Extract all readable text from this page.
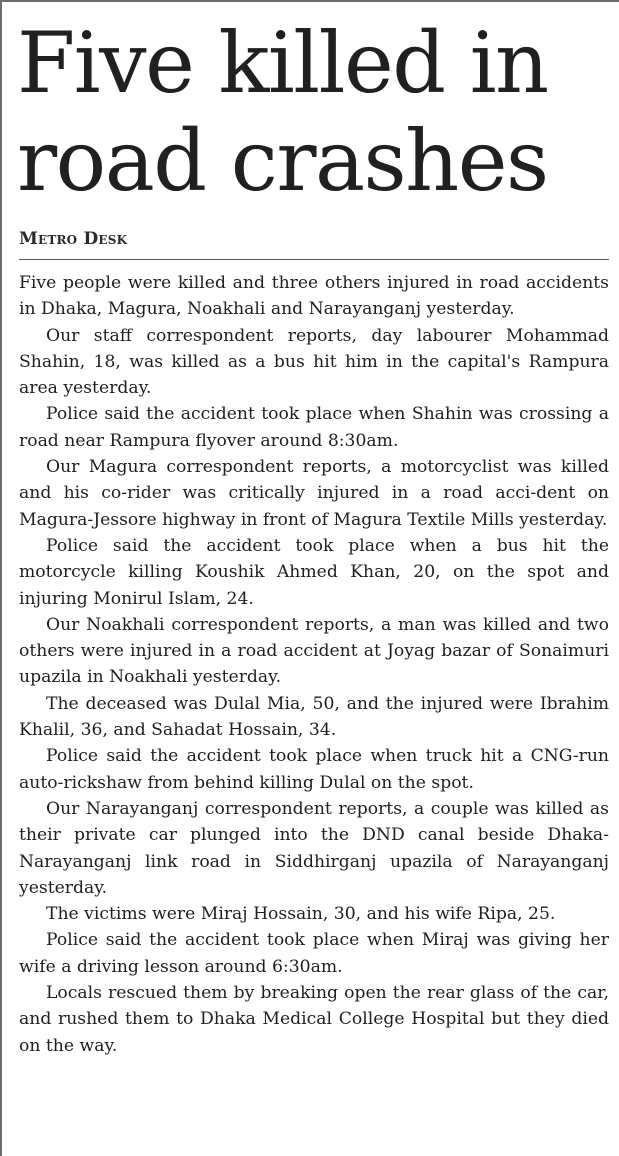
Five killed in
road crashes
Metro Desk

Five people were killed and three others injured in road accidents in Dhaka, Magura, Noakhali and Narayanganj yesterday.

Our staff correspondent reports, day labourer Mohammad Shahin, 18, was killed as a bus hit him in the capital's Rampura area yesterday.

Police said the accident took place when Shahin was crossing a road near Rampura flyover around 8:30am.

Our Magura correspondent reports, a motorcyclist was killed and his co-rider was critically injured in a road acci-dent on Magura-Jessore highway in front of Magura Textile Mills yesterday.

Police said the accident took place when a bus hit the motorcycle killing Koushik Ahmed Khan, 20, on the spot and injuring Monirul Islam, 24.

Our Noakhali correspondent reports, a man was killed and two others were injured in a road accident at Joyag bazar of Sonaimuri upazila in Noakhali yesterday.

The deceased was Dulal Mia, 50, and the injured were Ibrahim Khalil, 36, and Sahadat Hossain, 34.

Police said the accident took place when truck hit a CNG-run auto-rickshaw from behind killing Dulal on the spot.

Our Narayanganj correspondent reports, a couple was killed as their private car plunged into the DND canal beside Dhaka-Narayanganj link road in Siddhirganj upazila of Narayanganj yesterday.

The victims were Miraj Hossain, 30, and his wife Ripa, 25.

Police said the accident took place when Miraj was giving her wife a driving lesson around 6:30am.

Locals rescued them by breaking open the rear glass of the car, and rushed them to Dhaka Medical College Hospital but they died on the way.
